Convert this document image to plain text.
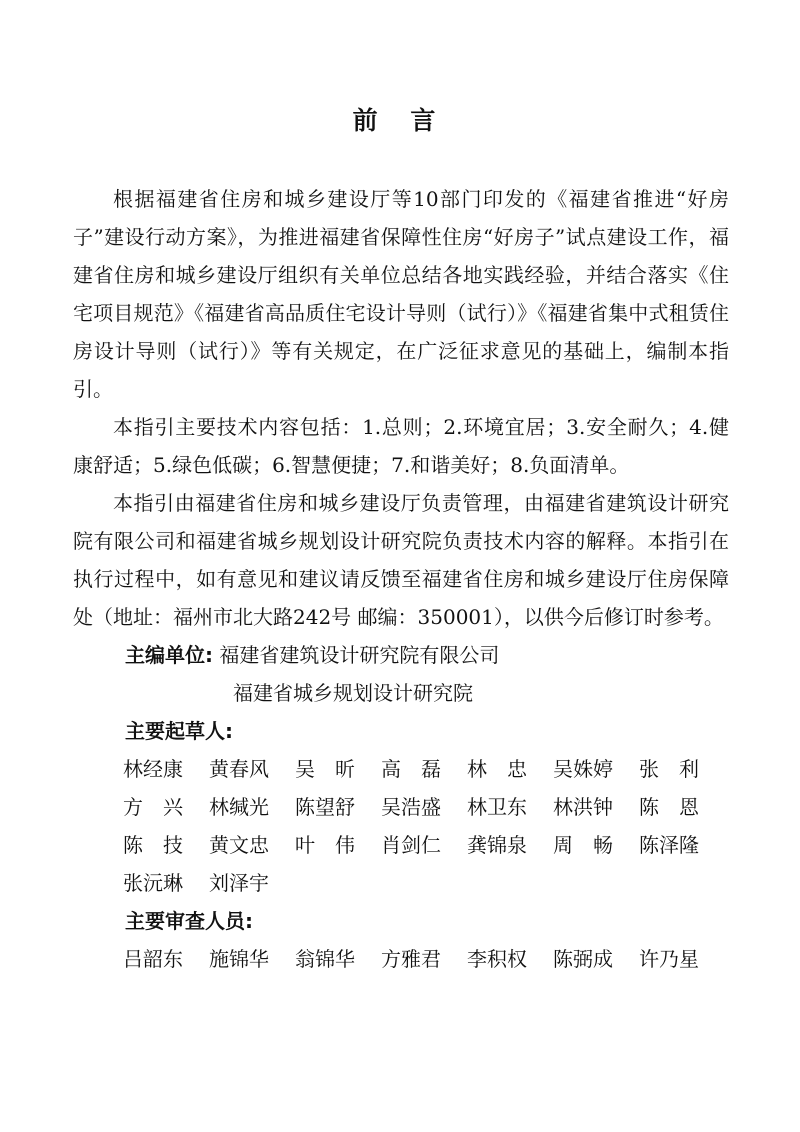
前 言

根据福建省住房和城乡建设厅等10部门印发的《福建省推进“好房子”建设行动方案》，为推进福建省保障性住房“好房子”试点建设工作，福建省住房和城乡建设厅组织有关单位总结各地实践经验，并结合落实《住宅项目规范》《福建省高品质住宅设计导则（试行）》《福建省集中式租赁住房设计导则（试行）》等有关规定，在广泛征求意见的基础上，编制本指引。

本指引主要技术内容包括：1.总则；2.环境宜居；3.安全耐久；4.健康舒适；5.绿色低碳；6.智慧便捷；7.和谐美好；8.负面清单。

本指引由福建省住房和城乡建设厅负责管理，由福建省建筑设计研究院有限公司和福建省城乡规划设计研究院负责技术内容的解释。本指引在执行过程中，如有意见和建议请反馈至福建省住房和城乡建设厅住房保障处（地址：福州市北大路242号 邮编：350001），以供今后修订时参考。

主编单位: 福建省建筑设计研究院有限公司

福建省城乡规划设计研究院

主要起草人:

林经康	黄春风	吴　昕	高　磊	林　忠	吴姝婷	张　利
方　兴	林缄光	陈望舒	吴浩盛	林卫东	林洪钟	陈　恩
陈　技	黄文忠	叶　伟	肖剑仁	龚锦泉	周　畅	陈泽隆
张沅琳	刘泽宇

主要审查人员:

吕韶东	施锦华	翁锦华	方雅君	李积权	陈弼成	许乃星
